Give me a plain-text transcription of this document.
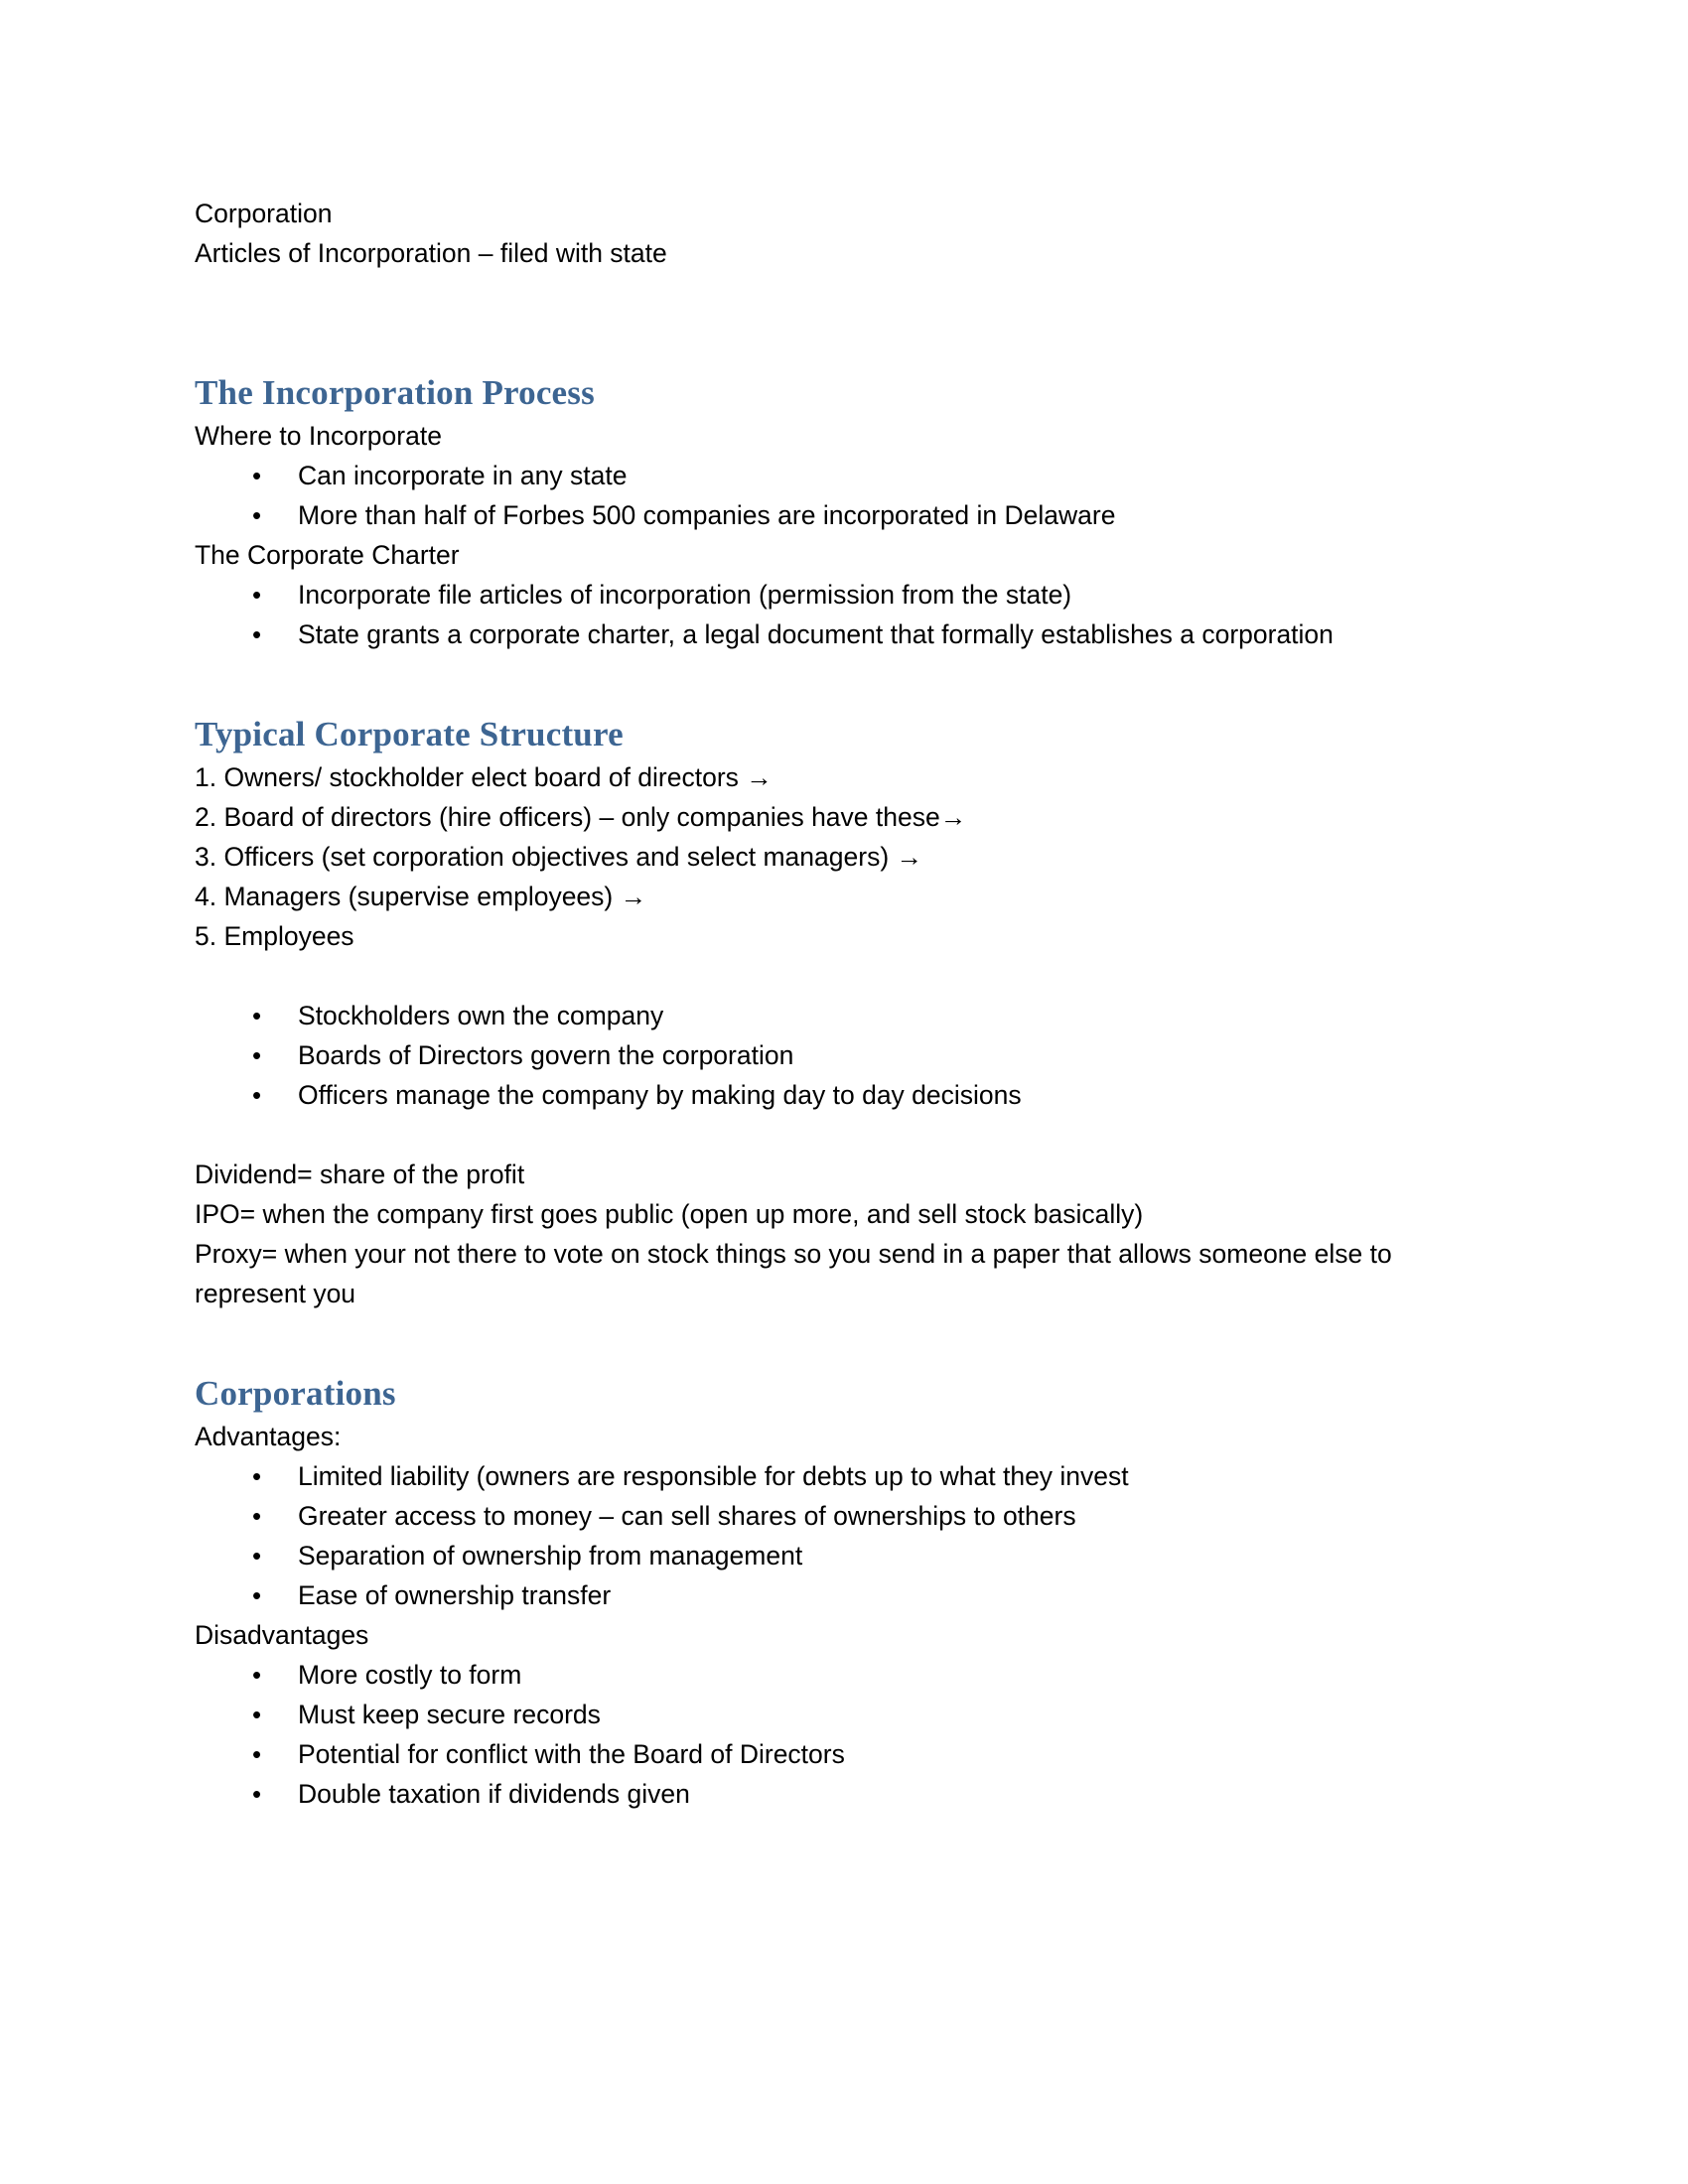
Corporation

Articles of Incorporation – filed with state

The Incorporation Process

Where to Incorporate

• Can incorporate in any state
• More than half of Forbes 500 companies are incorporated in Delaware

The Corporate Charter

• Incorporate file articles of incorporation (permission from the state)
• State grants a corporate charter, a legal document that formally establishes a corporation
Typical Corporate Structure

1. Owners/ stockholder elect board of directors →

2. Board of directors (hire officers) – only companies have these→

3. Officers (set corporation objectives and select managers) →

4. Managers (supervise employees) →

5. Employees

• Stockholders own the company
• Boards of Directors govern the corporation
• Officers manage the company by making day to day decisions

Dividend= share of the profit

IPO= when the company first goes public (open up more, and sell stock basically)

Proxy= when your not there to vote on stock things so you send in a paper that allows someone else to represent you

Corporations

Advantages:

• Limited liability (owners are responsible for debts up to what they invest
• Greater access to money – can sell shares of ownerships to others
• Separation of ownership from management
• Ease of ownership transfer

Disadvantages

• More costly to form
• Must keep secure records
• Potential for conflict with the Board of Directors
• Double taxation if dividends given
